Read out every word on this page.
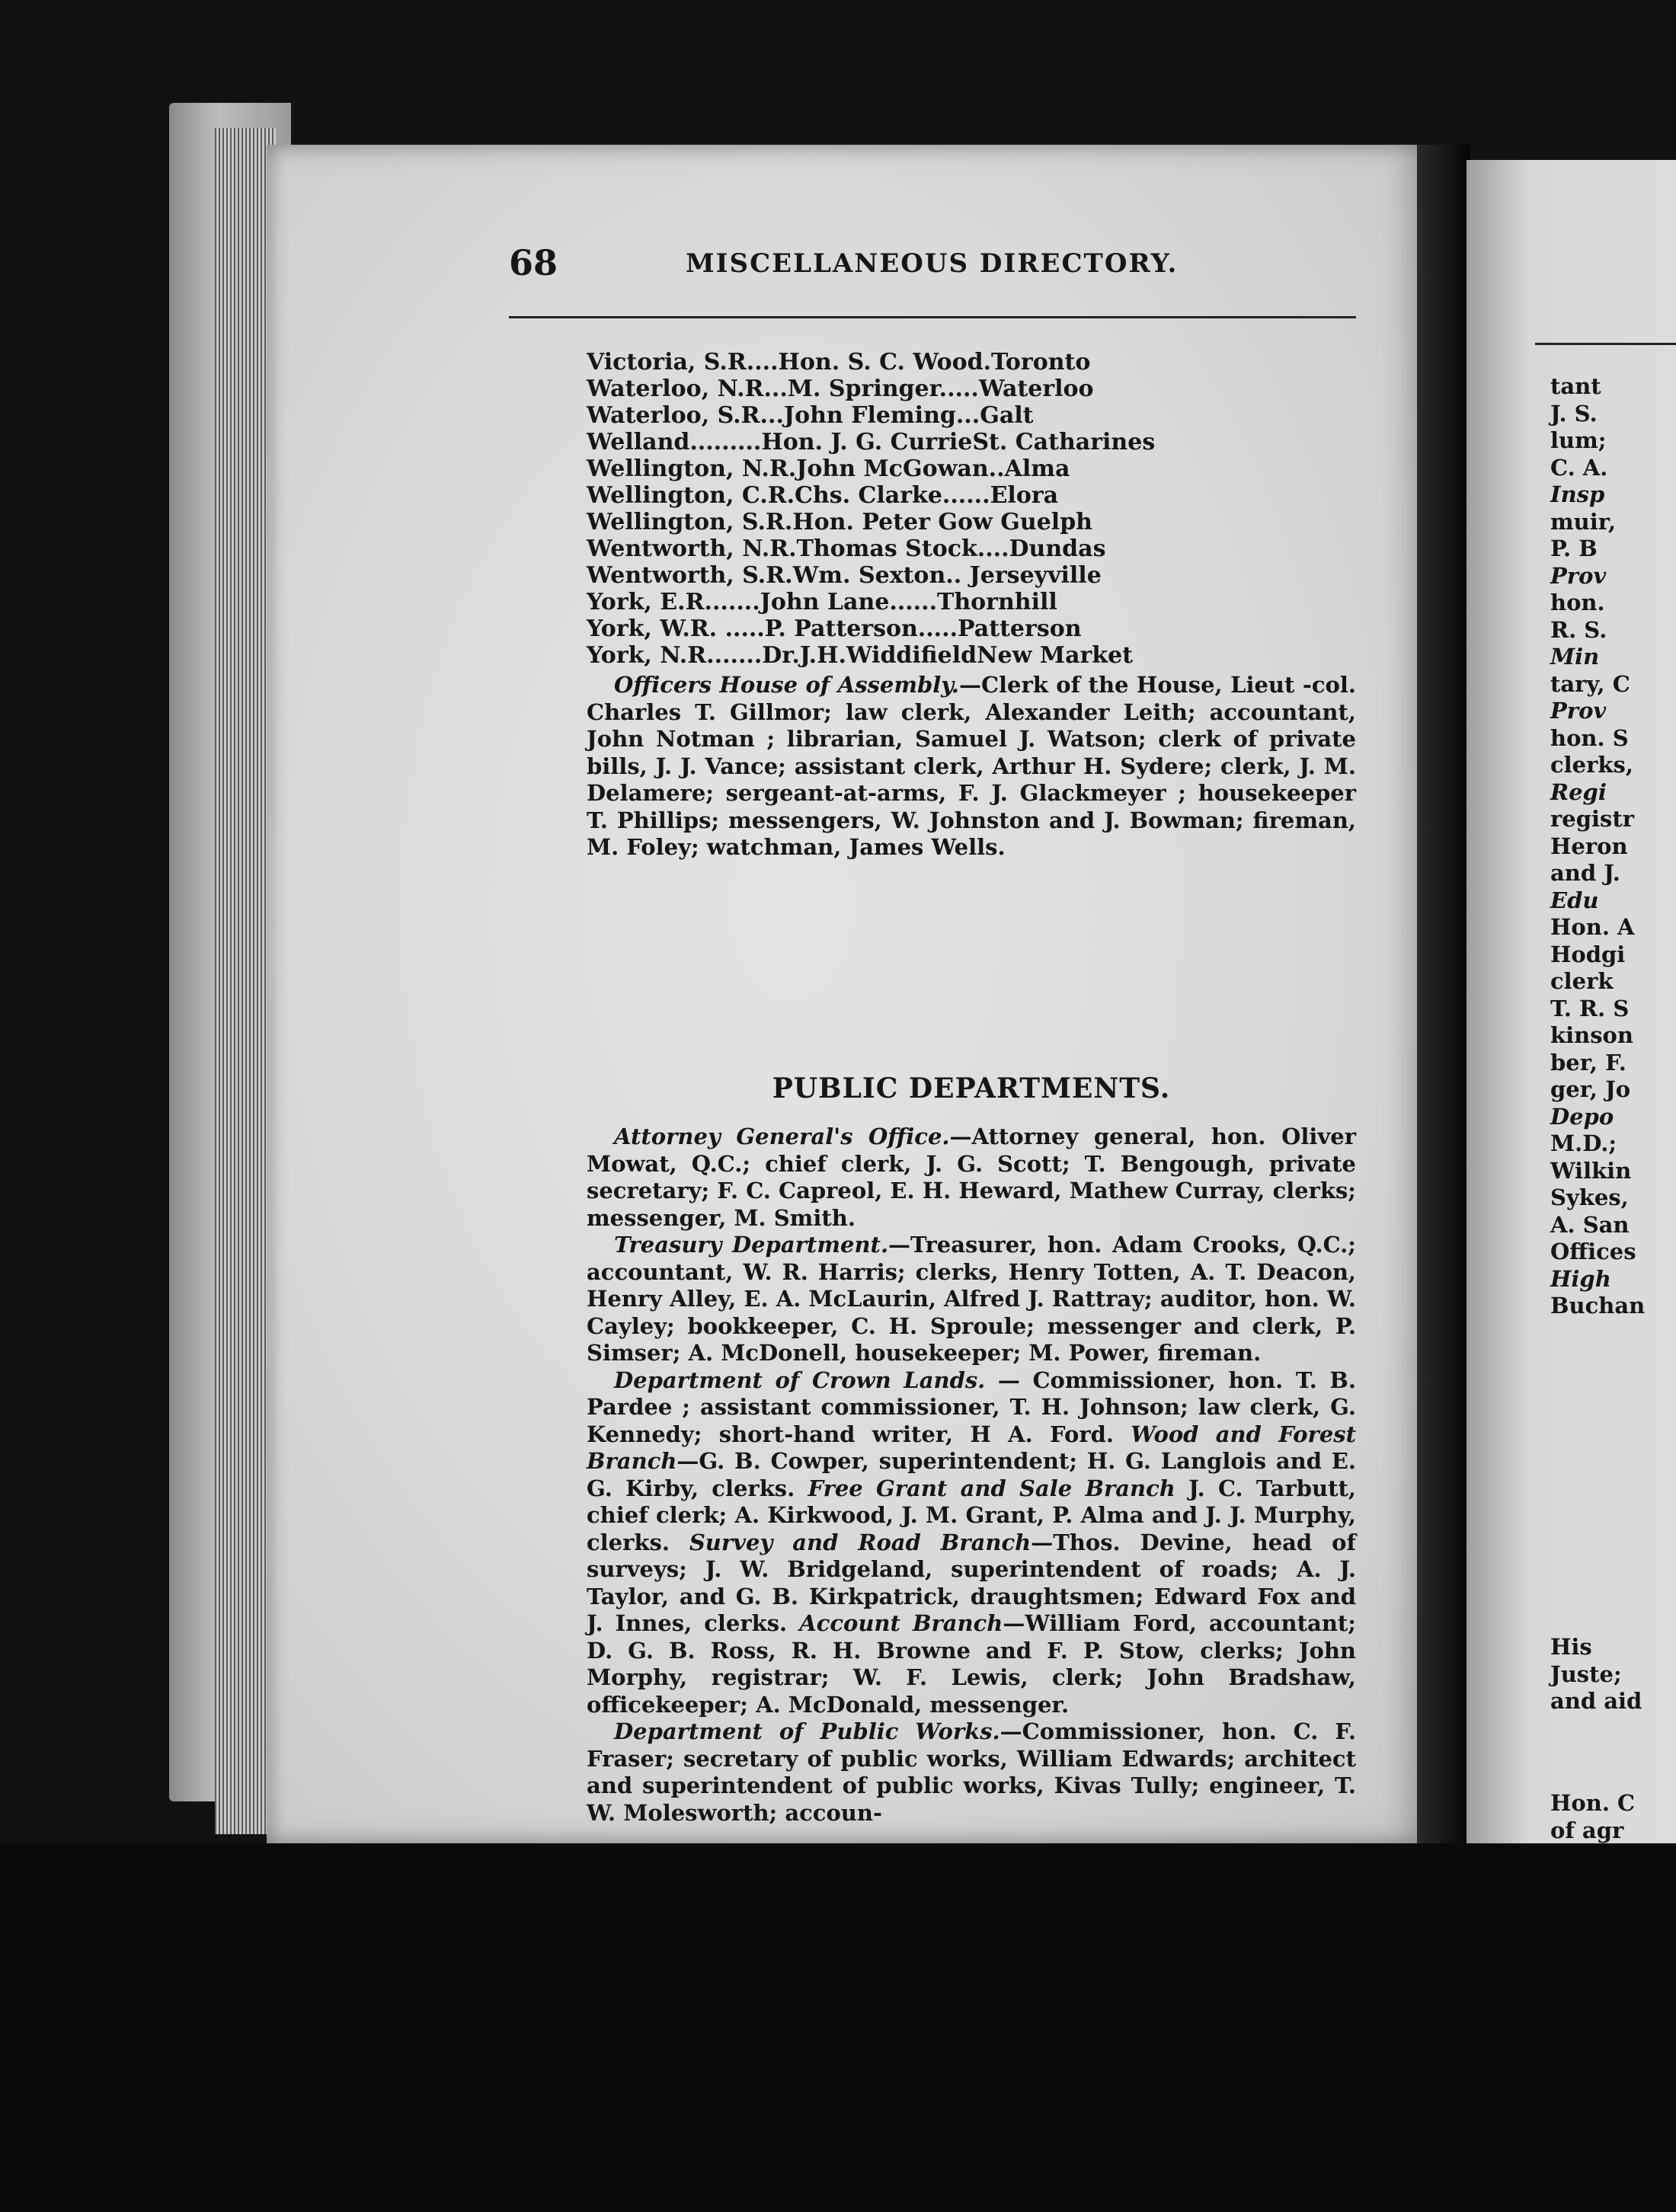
68	MISCELLANEOUS DIRECTORY.
Victoria, S.R....Hon. S. C. Wood.Toronto
Waterloo, N.R...M. Springer.....Waterloo
Waterloo, S.R...John Fleming...Galt
Welland.........Hon. J. G. CurrieSt. Catharines
Wellington, N.R.John McGowan..Alma
Wellington, C.R.Chs. Clarke......Elora
Wellington, S.R.Hon. Peter Gow Guelph
Wentworth, N.R.Thomas Stock....Dundas
Wentworth, S.R.Wm. Sexton.. Jerseyville
York, E.R.......John Lane......Thornhill
York, W.R. .....P. Patterson.....Patterson
York, N.R.......Dr.J.H.WiddifieldNew Market

Officers House of Assembly.—Clerk of the House, Lieut -col. Charles T. Gillmor; law clerk, Alexander Leith; accountant, John Notman ; librarian, Samuel J. Watson; clerk of private bills, J. J. Vance; assistant clerk, Arthur H. Sydere; clerk, J. M. Delamere; sergeant-at-arms, F. J. Glackmeyer ; housekeeper T. Phillips; messengers, W. Johnston and J. Bowman; fireman, M. Foley; watchman, James Wells.

PUBLIC DEPARTMENTS.

Attorney General's Office.—Attorney general, hon. Oliver Mowat, Q.C.; chief clerk, J. G. Scott; T. Bengough, private secretary; F. C. Capreol, E. H. Heward, Mathew Curray, clerks; messenger, M. Smith.

Treasury Department.—Treasurer, hon. Adam Crooks, Q.C.; accountant, W. R. Harris; clerks, Henry Totten, A. T. Deacon, Henry Alley, E. A. McLaurin, Alfred J. Rattray; auditor, hon. W. Cayley; bookkeeper, C. H. Sproule; messenger and clerk, P. Simser; A. McDonell, housekeeper; M. Power, fireman.

Department of Crown Lands. — Commissioner, hon. T. B. Pardee ; assistant commissioner, T. H. Johnson; law clerk, G. Kennedy; short-hand writer, H A. Ford. Wood and Forest Branch—G. B. Cowper, superintendent; H. G. Langlois and E. G. Kirby, clerks. Free Grant and Sale Branch J. C. Tarbutt, chief clerk; A. Kirkwood, J. M. Grant, P. Alma and J. J. Murphy, clerks. Survey and Road Branch—Thos. Devine, head of surveys; J. W. Bridgeland, superintendent of roads; A. J. Taylor, and G. B. Kirkpatrick, draughtsmen; Edward Fox and J. Innes, clerks. Account Branch—William Ford, accountant; D. G. B. Ross, R. H. Browne and F. P. Stow, clerks; John Morphy, registrar; W. F. Lewis, clerk; John Bradshaw, officekeeper; A. McDonald, messenger.

Department of Public Works.—Commissioner, hon. C. F. Fraser; secretary of public works, William Edwards; architect and superintendent of public works, Kivas Tully; engineer, T. W. Molesworth; accoun-

tant
J. S.
lum;
C. A.
Insp
muir,
P. B
Prov
hon.
R. S.
Min
tary, C
Prov
hon. S
clerks,
Regi
registr
Heron
and J.
Edu
Hon. A
Hodgi
clerk
T. R. S
kinson
ber, F.
ger, Jo
Depo
M.D.;
Wilkin
Sykes,
A. San
Offices
High
Buchan
His
Juste;
and aid
Hon. C
of agr
